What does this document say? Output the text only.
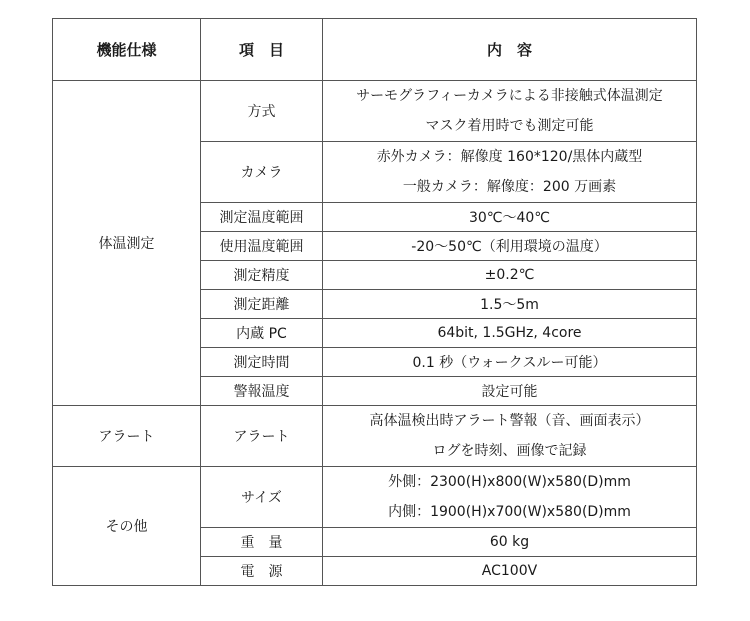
機能仕様	項　目	内　容
体温測定	方式	サーモグラフィーカメラによる非接触式体温測定
マスク着用時でも測定可能

	カメラ	赤外カメラ：解像度 160*120/黒体内蔵型
一般カメラ：解像度：200 万画素

	測定温度範囲	30℃～40℃
	使用温度範囲	-20～50℃（利用環境の温度）
	測定精度	±0.2℃
	測定距離	1.5～5m
	内蔵 PC	64bit, 1.5GHz, 4core
	測定時間	0.1 秒（ウォークスルー可能）
	警報温度	設定可能
アラート	アラート	高体温検出時アラート警報（音、画面表示）
ログを時刻、画像で記録

その他	サイズ	外側：2300(H)x800(W)x580(D)mm
内側：1900(H)x700(W)x580(D)mm

	重　量	60 kg
	電　源	AC100V
